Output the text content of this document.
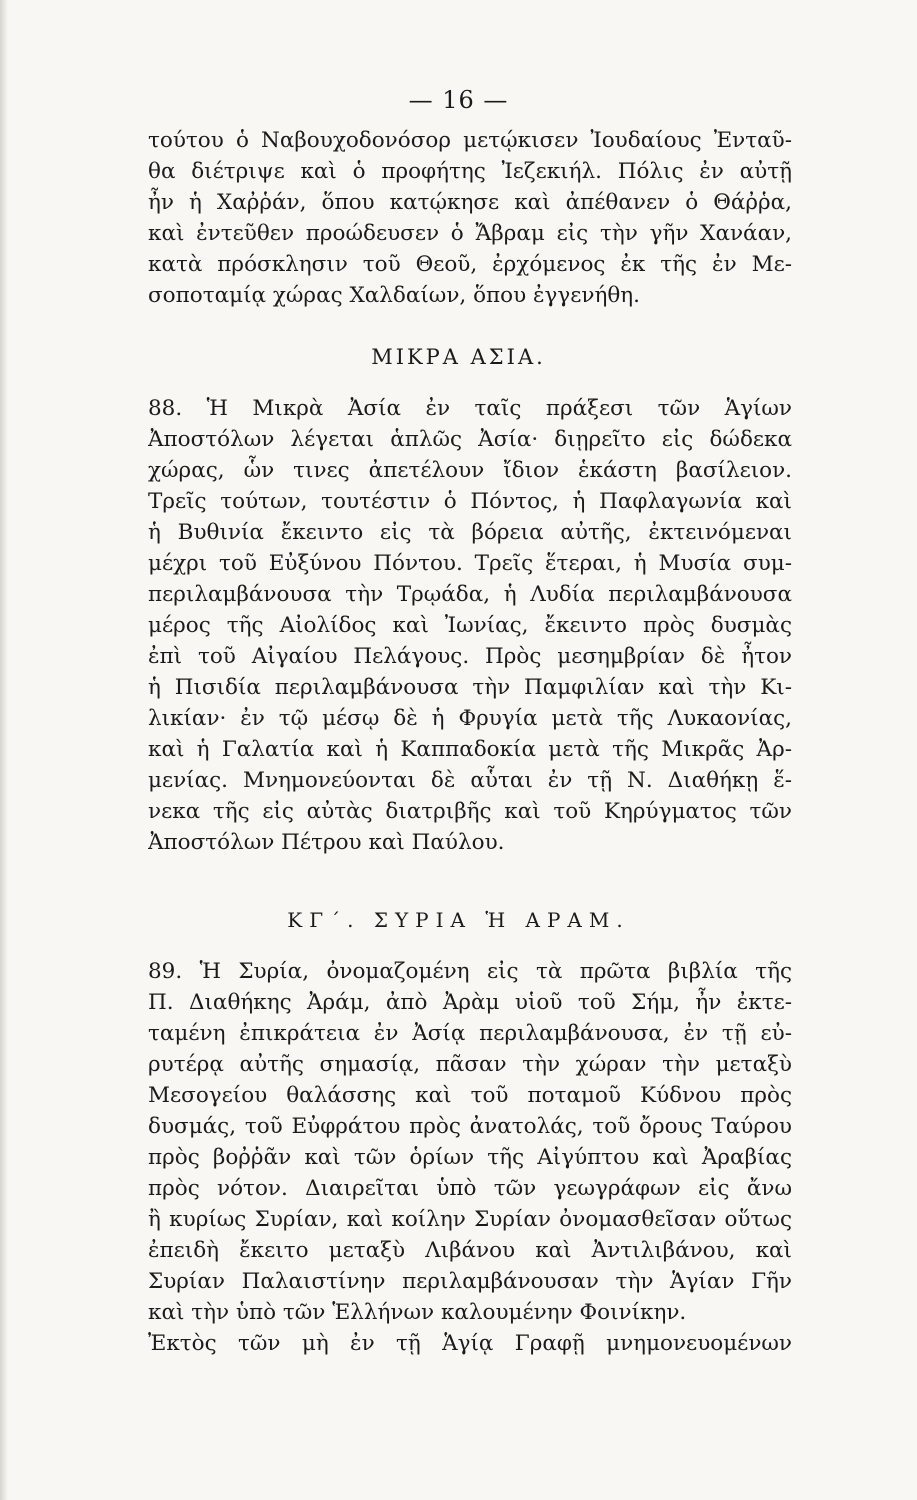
— 16 —
τούτου ὁ Ναβουχοδονόσορ μετῴκισεν Ἰουδαίους Ἐνταῦ-
θα διέτριψε καὶ ὁ προφήτης Ἰεζεκιήλ. Πόλις ἐν αὐτῇ
ἦν ἡ Χαῤῥάν, ὅπου κατῴκησε καὶ ἀπέθανεν ὁ Θάῤῥα,
καὶ ἐντεῦθεν προώδευσεν ὁ Ἄβραμ εἰς τὴν γῆν Χανάαν,
κατὰ πρόσκλησιν τοῦ Θεοῦ, ἐρχόμενος ἐκ τῆς ἐν Με-
σοποταμίᾳ χώρας Χαλδαίων, ὅπου ἐγγενήθη.
ΜΙΚΡΑ ΑΣΙΑ.
88. Ἡ Μικρὰ Ἀσία ἐν ταῖς πράξεσι τῶν Ἁγίων
Ἀποστόλων λέγεται ἁπλῶς Ἀσία· διῃρεῖτο εἰς δώδεκα
χώρας, ὧν τινες ἀπετέλουν ἴδιον ἑκάστη βασίλειον.
Τρεῖς τούτων, τουτέστιν ὁ Πόντος, ἡ Παφλαγωνία καὶ
ἡ Βυθινία ἔκειντο εἰς τὰ βόρεια αὐτῆς, ἐκτεινόμεναι
μέχρι τοῦ Εὐξύνου Πόντου. Τρεῖς ἕτεραι, ἡ Μυσία συμ-
περιλαμβάνουσα τὴν Τρῳάδα, ἡ Λυδία περιλαμβάνουσα
μέρος τῆς Αἰολίδος καὶ Ἰωνίας, ἔκειντο πρὸς δυσμὰς
ἐπὶ τοῦ Αἰγαίου Πελάγους. Πρὸς μεσημβρίαν δὲ ἦτον
ἡ Πισιδία περιλαμβάνουσα τὴν Παμφιλίαν καὶ τὴν Κι-
λικίαν· ἐν τῷ μέσῳ δὲ ἡ Φρυγία μετὰ τῆς Λυκαονίας,
καὶ ἡ Γαλατία καὶ ἡ Καππαδοκία μετὰ τῆς Μικρᾶς Ἀρ-
μενίας. Μνημονεύονται δὲ αὗται ἐν τῇ Ν. Διαθήκῃ ἕ-
νεκα τῆς εἰς αὐτὰς διατριβῆς καὶ τοῦ Κηρύγματος τῶν
Ἀποστόλων Πέτρου καὶ Παύλου.
ΚΓ΄. ΣΥΡΙΑ Ἡ ΑΡΑΜ.
89. Ἡ Συρία, ὀνομαζομένη εἰς τὰ πρῶτα βιβλία τῆς
Π. Διαθήκης Ἀράμ, ἀπὸ Ἀρὰμ υἱοῦ τοῦ Σήμ, ἦν ἐκτε-
ταμένη ἐπικράτεια ἐν Ἀσίᾳ περιλαμβάνουσα, ἐν τῇ εὐ-
ρυτέρᾳ αὐτῆς σημασίᾳ, πᾶσαν τὴν χώραν τὴν μεταξὺ
Μεσογείου θαλάσσης καὶ τοῦ ποταμοῦ Κύδνου πρὸς
δυσμάς, τοῦ Εὐφράτου πρὸς ἀνατολάς, τοῦ ὄρους Ταύρου
πρὸς βοῤῥᾶν καὶ τῶν ὁρίων τῆς Αἰγύπτου καὶ Ἀραβίας
πρὸς νότον. Διαιρεῖται ὑπὸ τῶν γεωγράφων εἰς ἄνω
ἢ κυρίως Συρίαν, καὶ κοίλην Συρίαν ὀνομασθεῖσαν οὕτως
ἐπειδὴ ἔκειτο μεταξὺ Λιβάνου καὶ Ἀντιλιβάνου, καὶ
Συρίαν Παλαιστίνην περιλαμβάνουσαν τὴν Ἁγίαν Γῆν
καὶ τὴν ὑπὸ τῶν Ἑλλήνων καλουμένην Φοινίκην.
Ἐκτὸς τῶν μὴ ἐν τῇ Ἁγίᾳ Γραφῇ μνημονευομένων
